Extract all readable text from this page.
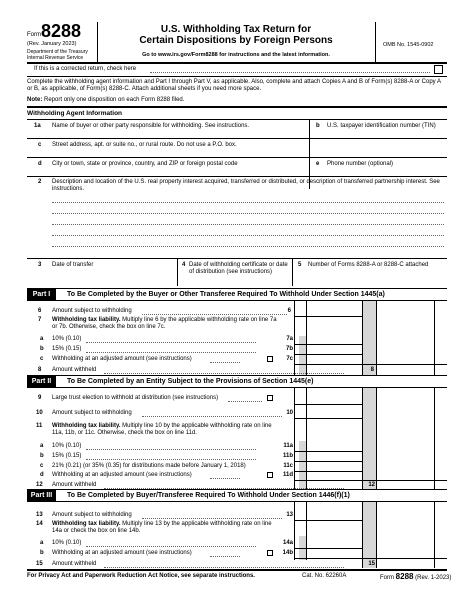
Form 8288
(Rev. January 2023)
Department of the Treasury
Internal Revenue Service
U.S. Withholding Tax Return for
Certain Dispositions by Foreign Persons
Go to www.irs.gov/Form8288 for instructions and the latest information.
OMB No. 1545-0902
If this is a corrected return, check here
Complete the withholding agent information and Part I through Part V, as applicable. Also, complete and attach Copies A and B of Form(s) 8288-A or Copy A or B, as applicable, of Form(s) 8288-C. Attach additional sheets if you need more space.
Note: Report only one disposition on each Form 8288 filed.
Withholding Agent Information
1a Name of buyer or other party responsible for withholding. See instructions.	b U.S. taxpayer identification number (TIN)
c Street address, apt. or suite no., or rural route. Do not use a P.O. box.
d City or town, state or province, country, and ZIP or foreign postal code	e Phone number (optional)
2 Description and location of the U.S. real property interest acquired, transferred or distributed, or description of transferred partnership interest. See instructions.
3 Date of transfer	4 Date of withholding certificate or date of distribution (see instructions)
5 Number of Forms 8288-A or 8288-C attached
Part I	To Be Completed by the Buyer or Other Transferee Required To Withhold Under Section 1445(a)
6 Amount subject to withholding	6
7 Withholding tax liability. Multiply line 6 by the applicable withholding rate on line 7a or 7b. Otherwise, check the box on line 7c.
a 10% (0.10)	7a
b 15% (0.15)	7b
c Withholding at an adjusted amount (see instructions)	7c
8 Amount withheld	8
Part II	To Be Completed by an Entity Subject to the Provisions of Section 1445(e)
9 Large trust election to withhold at distribution (see instructions)
10 Amount subject to withholding	10
11 Withholding tax liability. Multiply line 10 by the applicable withholding rate on line 11a, 11b, or 11c. Otherwise, check the box on line 11d.
a 10% (0.10)	11a
b 15% (0.15)	11b
c 21% (0.21) (or 35% (0.35) for distributions made before January 1, 2018)	11c
d Withholding at an adjusted amount (see instructions)	11d
12 Amount withheld	12
Part III	To Be Completed by Buyer/Transferee Required To Withhold Under Section 1446(f)(1)
13 Amount subject to withholding	13
14 Withholding tax liability. Multiply line 13 by the applicable withholding rate on line 14a or check the box on line 14b.
a 10% (0.10)	14a
b Withholding at an adjusted amount (see instructions)	14b
15 Amount withheld	15
For Privacy Act and Paperwork Reduction Act Notice, see separate instructions.	Cat. No. 62260A	Form 8288 (Rev. 1-2023)
